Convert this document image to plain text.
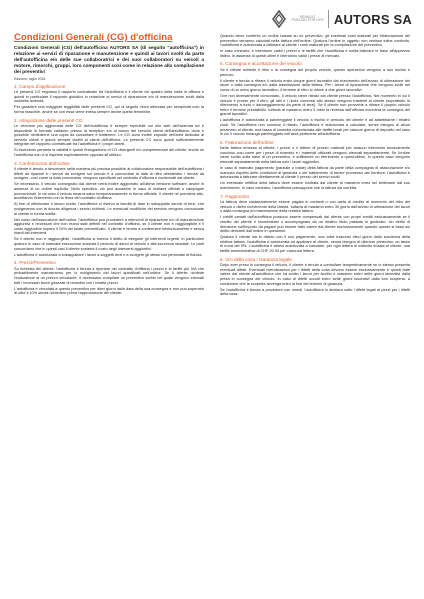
RENAULT
PASSION FOR LIFE AUTORS SA
Condizioni Generali (CG) d'officina

Condizioni Generali (CG) dell'autofficina AUTORS SA (di seguito "autofficina") in relazione ai servizi di riparazione e manutenzione e quindi ai lavori svolti da parte dell'autofficina e/o delle sue collaboratrici e dei suoi collaboratori su veicoli a motore, rimorchi, gruppi, loro componenti così come in relazione alla compilazione dei preventivi

Edizione: luglio 2018
1. Campo d'applicazione

Le presenti CG regolano il rapporto contrattuale tra l'autofficina e il cliente nel quadro della visita in officina e quindi in particolare il rapporto giuridico in relazione ai servizi di riparazione e/o di manutenzione svolti dalla suddetta azienda.

Per garantire una maggiore leggibilità delle presenti CG, qui di seguito verrà utilizzata per semplicità solo la forma maschile, anche se con essa viene intesa sempre anche quella femminile.

2. Integrazione delle presenti CG

Le versione più aggiornata delle CG dell'autofficina è sempre reperibile sul sito web dell'azienda ed è disponibile in formato cartaceo presso la reception e/o al banco del servizio clienti dell'autofficina, dove è possibile richiederne una copia da consultare e trattenere. Le CG sono inoltre esposte nell'area dedicata al servizio clienti e quindi sempre visibili ai clienti dell'officina. Le presenti CG sono quindi sufficientemente integrate nel rapporto contrattuale tra l'autofficina e i propri clienti.

Si escludono pertanto la validità e quindi l'integrazione di CG divergenti e/o complementari del cliente, anche se l'autofficina non vi si esprime esplicitamente opposta all'utilizzo.

3. Conferimento dell'ordine

Il cliente è tenuto a descrivere nella maniera più precisa possibile al collaboratore responsabile dell'autofficina i difetti da riparare e i servizi da svolgere sul veicolo e a concordare la data di ritiro desiderata. I servizi da svolgere, così come la data concordata, vengono specificati nel contratto d'officina e confermati dal cliente.

Se necessario, il veicolo consegnato dal cliente verrà inoltre aggiornato all'ultima versione software, anche in assenza di un ordine esplicito. Nello specifico, ciò può accadere in caso di richiami ufficiali o campagne promozionali. In tal caso il veicolo rimarrà salvo temporaneamente in forma ufficiale. Il cliente ne prenderà atto, accettando l'intervento con la firma del contratto d'officina.

Al fine di ottimizzare il lavoro svolto, l'autofficina si riserva la facoltà di dare in subappalto servizi di terzi, che svolgeranno con la dovuta diligenza i servizi richiesti. Le eventuali modifiche del servizio vengono comunicate al cliente in forma scritta.

Nel corso dell'esecuzione dell'ordine, l'autofficina può procedere a interventi di riparazione e/o di manutenzione aggiuntivi e necessari che non erano stati definiti nel contratto d'officina, se il cliente non è raggiungibile e il costo aggiuntivo supera il 10% del totale preventivato. Il cliente è tenuto a confermare telefonicamente e senza ritardi tali interventi.

Se il cliente non è raggiungibile, l'autofficina si riserva il diritto di eseguire gli interventi urgenti, in particolare qualora in caso di mancata esecuzione sussista il pericolo di danni al veicolo o alla sicurezza stradale. Le parti concordano che in questi casi il cliente sosterrà il costo degli interventi aggiuntivi.

L'autofficina è autorizzata a subappaltare i lavori a soggetti terzi e a svolgere gli stessi con personale di fiducia.

4. Prezzi/Preventivo

Su richiesta del cliente, l'autofficina è tenuta a riportare nel contratto d'officina i prezzi e le tariffe più IVA che probabilmente matureranno per lo svolgimento dei lavori specificati nell'ordine. Se il cliente richiede l'indicazione di un prezzo vincolante, è necessario compilare un preventivo scritto nel quale vengono elencati tutti i necessari lavori (piazzati di ricambio con i relativi prezzi.

L'autofficina è vincolata a questo preventivo per dieci giorni dalla data della sua consegna e non può superarlo di oltre il 10% senza richiedere prima l'approvazione del cliente.

Quando viene conferito un ordine basato su un preventivo, gli eventuali costi maturati per l'elaborazione del preventivo verranno calcolati nella fattura dell'ordine. Qualora l'ordine in oggetto non venisse infine conferito, l'autofficina è autorizzata a fatturare al cliente i costi maturati per la compilazione del preventivo.

In caso contrario, è intendono validi i prezzi e le tariffe che l'autofficina è solita fatturare in base all'apprezzo listino. In assenza di questi ultimi è intendono validi i prezzi di mercato.

5. Consegna e accettazione del veicolo

Se il cliente richiede il ritiro o la consegna del proprio veicolo, questo operazioni vengono a suo rischio e pericolo.

Il cliente è tenuto a ritirare il veicolo entro cinque giorni lavorativi dal ricevimento dell'avviso di ultimazione dei lavori o dalla consegna e/o dalla trasmissione della fattura. Per i lavori di riparazione che vengono svolti nel corso di un unico giorno lavorativo, il termine di ritiro si riduce a due giorni lavorativi.

Ove non diversamente concordato, il veicolo viene ritirato dal cliente presso l'autofficina. Nel momento in cui il veicolo è pronto per il ritiro, gli utili e i ricchi connessi allo stesso vengono trasferiti al cliente (soprattutto in riferimento a furto o danneggiamento da parte di terzi). Se il cliente non provvede a ritirare il proprio veicolo entro il termine prestabilito, tuttavia al massimo entro 3 mesi la rimessa dell'officina eccederà la consegna dei grandi lavorativi.

L'autofficina è autorizzata a parcheggiare il veicolo a rischio e pericolo del cliente e ad addebitarne i relativi costi. Se l'autofficina non conosce il ritardo, l'autofficina è autorizzata a calcolare, senza bisogno di alcun preavviso al cliente, una tassa di custodia commisurata alle tariffe locali per ciascun giorno di deposito nel caso in cui il veicolo rimanga parcheggiato nell'area pertinente all'autofficina.

6. Fatturazione dell'ordine

Nella fattura emessa al cliente, i prezzi o il fattore di prezzo maturati per ciascun intervento tecnicamente concluso così come per i pezzi di ricambio e i materiali utilizzati vengono elencati separatamente. Se l'ordine viene svolto sulla base di un preventivo, è sufficiente un riferimento a quest'ultimo. In questo caso vengono elencati separatamente nella fattura solo i lavori aggiuntivi.

In caso di mancato pagamento (parziale o totale) della fattura da parte della compagnia di assicurazione e/o mancato rispetto delle condizioni di garanzia o del trattamento di favore promesso dal fornitore, l'autofficina è autorizzata a fatturare direttamente al cliente il prezzo dei servizi svolti.

Un eventuale rettifica della fattura deve essere inoltrata dal cliente al massimo entro sei settimane dal suo ricevimento. In caso contrario, l'autofficina presuppone che la fattura sia corretta.

7. Pagamento

La fattura deve sostanzialmente essere pagata in contanti o con carta di credito al momento del ritiro del veicolo o dietro ricevimento della fattura, tuttavia al massimo entro 30 giorni dall'avviso di ultimazione dei lavori o dalla consegna e/o trasmissione della relativa fattura.

I crediti vantati dall'autofficina possono essere compensati dal cliente con propri crediti esclusivamente se il credito del cliente è incontestato o accompagnato da un relativo titolo passato in giudicato. Un diritto di ritenzione sull'importo da pagare può essere fatto valere dal cliente esclusivamente quando questo si basa sul diritto derivanti dall'ordine in questione.

Qualora il cliente sia in ritardo con il suo pagamento, una volta trascorsi dieci giorni dalla scadenza della relativa fattura, l'autofficina è autorizzata ad applicare al cliente, senza bisogno di ulteriore preavviso, un tasso di mora del 5%. L'autofficina è altresì autorizzata a calcolare, per ogni lettera di sollecito inviata al cliente, una tariffa amministrativa di CHF 20.00 per ciascuna lettera.

8. Vizi della cosa / Garanzia legale

Dopo aver preso in consegna il veicolo, il cliente è tenuto a controllare tempestivamente se lo stesso presenta eventuali difetti. Eventuali rivendicazioni per i difetti della cosa devono essere esclusivamente e quindi fatte valere dal cliente all'autofficina che ha svolto i lavori per iscritto e massimo entro sette giorni lavorativi dalla presa in consegna del veicolo. In caso di difetti occulti entro sette giorni lavorativi dalla loro scoperta, a condizione che la scoperta avvenga entro la fine del termine di garanzia.

Se l'autofficina è tenuta a procedere con rimedi, l'autofficina lo dichiara sotto i difetti legati ai pezzi per i difetti della cosa.
